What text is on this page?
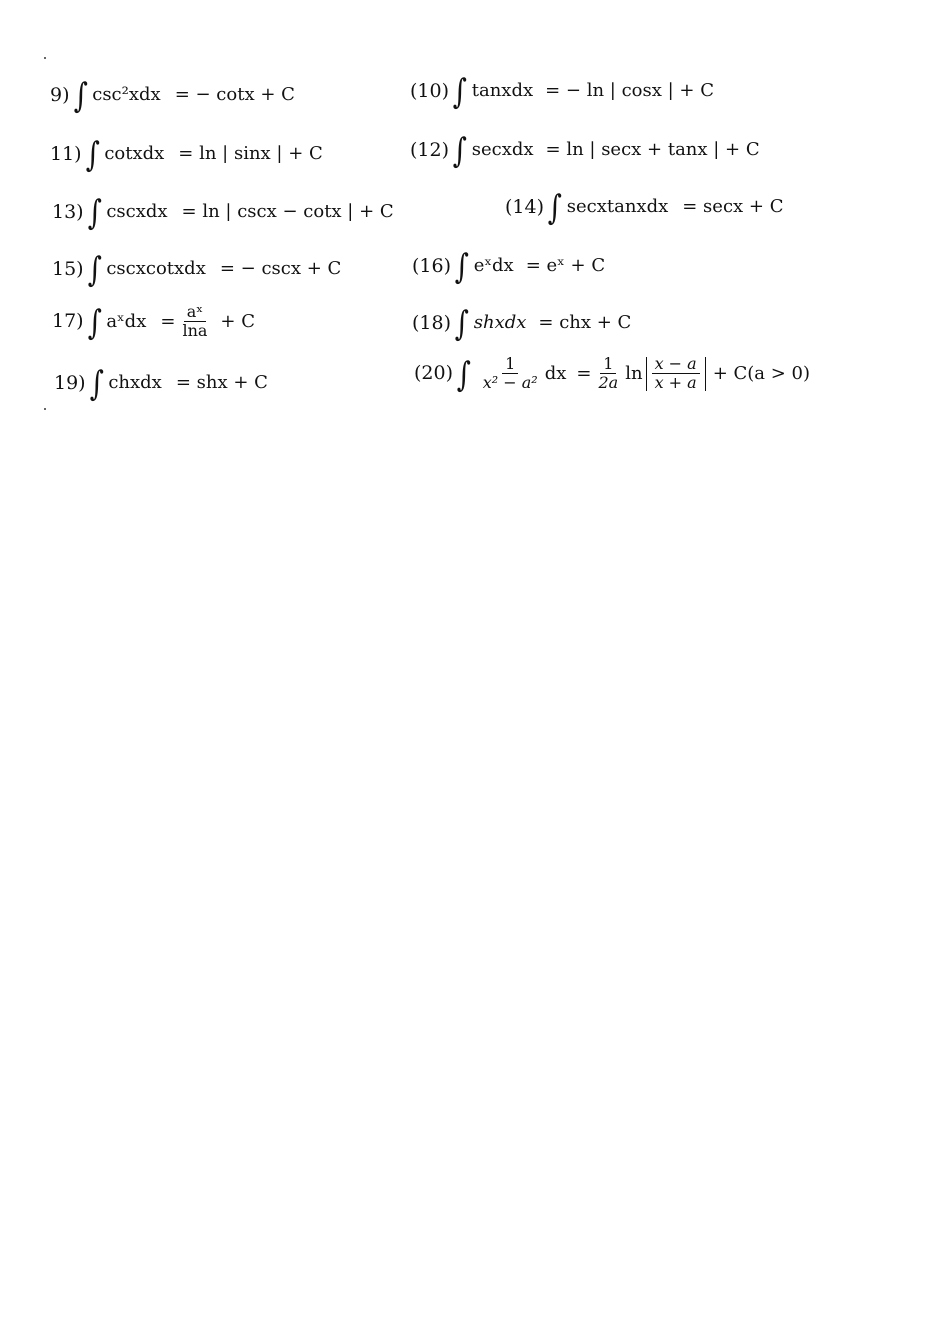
9) ∫ csc²xdx = − cotx + C	(10) ∫ tanxdx = − ln | cosx | + C
11) ∫ cotxdx = ln | sinx | + C	(12) ∫ secxdx = ln | secx + tanx | + C
13) ∫ cscxdx = ln | cscx − cotx | + C	(14) ∫ secxtanxdx = secx + C
15) ∫ cscxcotxdx = − cscx + C	(16) ∫ eˣdx = eˣ + C
17) ∫ aˣdx = $\frac{\text{aˣ}}{\ln a} + C$	(18) ∫ shxdx = chx + C
19) ∫ chxdx = shx + C	(20) ∫ $\frac{1}{\text{x² − a²}}$ dx = $\frac{1}{2a}$ $\ln \frac{x - a}{x + a} + C(a > 0)$
